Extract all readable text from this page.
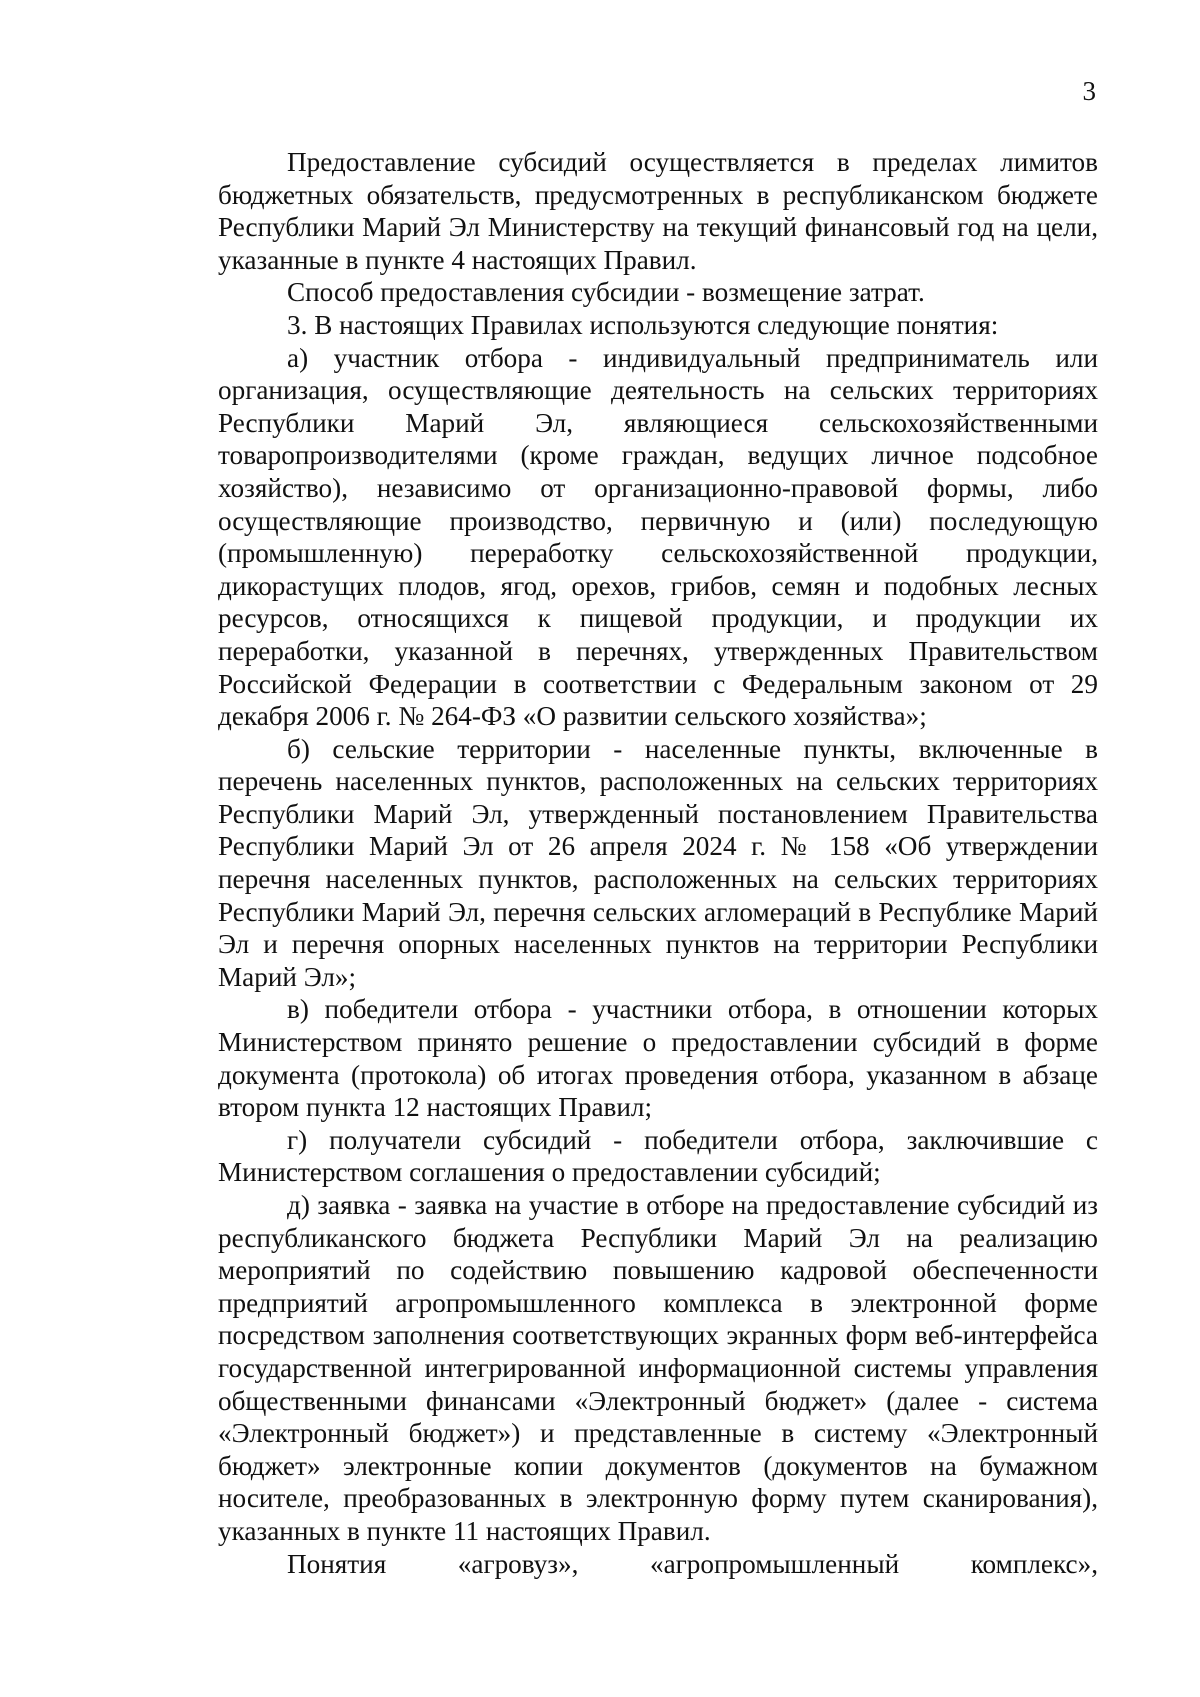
3

Предоставление субсидий осуществляется в пределах лимитов бюджетных обязательств, предусмотренных в республиканском бюджете Республики Марий Эл Министерству на текущий финансовый год на цели, указанные в пункте 4 настоящих Правил.

Способ предоставления субсидии - возмещение затрат.

3. В настоящих Правилах используются следующие понятия:

а) участник отбора - индивидуальный предприниматель или организация, осуществляющие деятельность на сельских территориях Республики Марий Эл, являющиеся сельскохозяйственными товаропроизводителями (кроме граждан, ведущих личное подсобное хозяйство), независимо от организационно-правовой формы, либо осуществляющие производство, первичную и (или) последующую (промышленную) переработку сельскохозяйственной продукции, дикорастущих плодов, ягод, орехов, грибов, семян и подобных лесных ресурсов, относящихся к пищевой продукции, и продукции их переработки, указанной в перечнях, утвержденных Правительством Российской Федерации в соответствии с Федеральным законом от 29 декабря 2006 г. № 264-ФЗ «О развитии сельского хозяйства»;

б) сельские территории - населенные пункты, включенные в перечень населенных пунктов, расположенных на сельских территориях Республики Марий Эл, утвержденный постановлением Правительства Республики Марий Эл от 26 апреля 2024 г. № 158 «Об утверждении перечня населенных пунктов, расположенных на сельских территориях Республики Марий Эл, перечня сельских агломераций в Республике Марий Эл и перечня опорных населенных пунктов на территории Республики Марий Эл»;

в) победители отбора - участники отбора, в отношении которых Министерством принято решение о предоставлении субсидий в форме документа (протокола) об итогах проведения отбора, указанном в абзаце втором пункта 12 настоящих Правил;

г) получатели субсидий - победители отбора, заключившие с Министерством соглашения о предоставлении субсидий;

д) заявка - заявка на участие в отборе на предоставление субсидий из республиканского бюджета Республики Марий Эл на реализацию мероприятий по содействию повышению кадровой обеспеченности предприятий агропромышленного комплекса в электронной форме посредством заполнения соответствующих экранных форм веб-интерфейса государственной интегрированной информационной системы управления общественными финансами «Электронный бюджет» (далее - система «Электронный бюджет») и представленные в систему «Электронный бюджет» электронные копии документов (документов на бумажном носителе, преобразованных в электронную форму путем сканирования), указанных в пункте 11 настоящих Правил.

Понятия «агровуз», «агропромышленный комплекс»,
